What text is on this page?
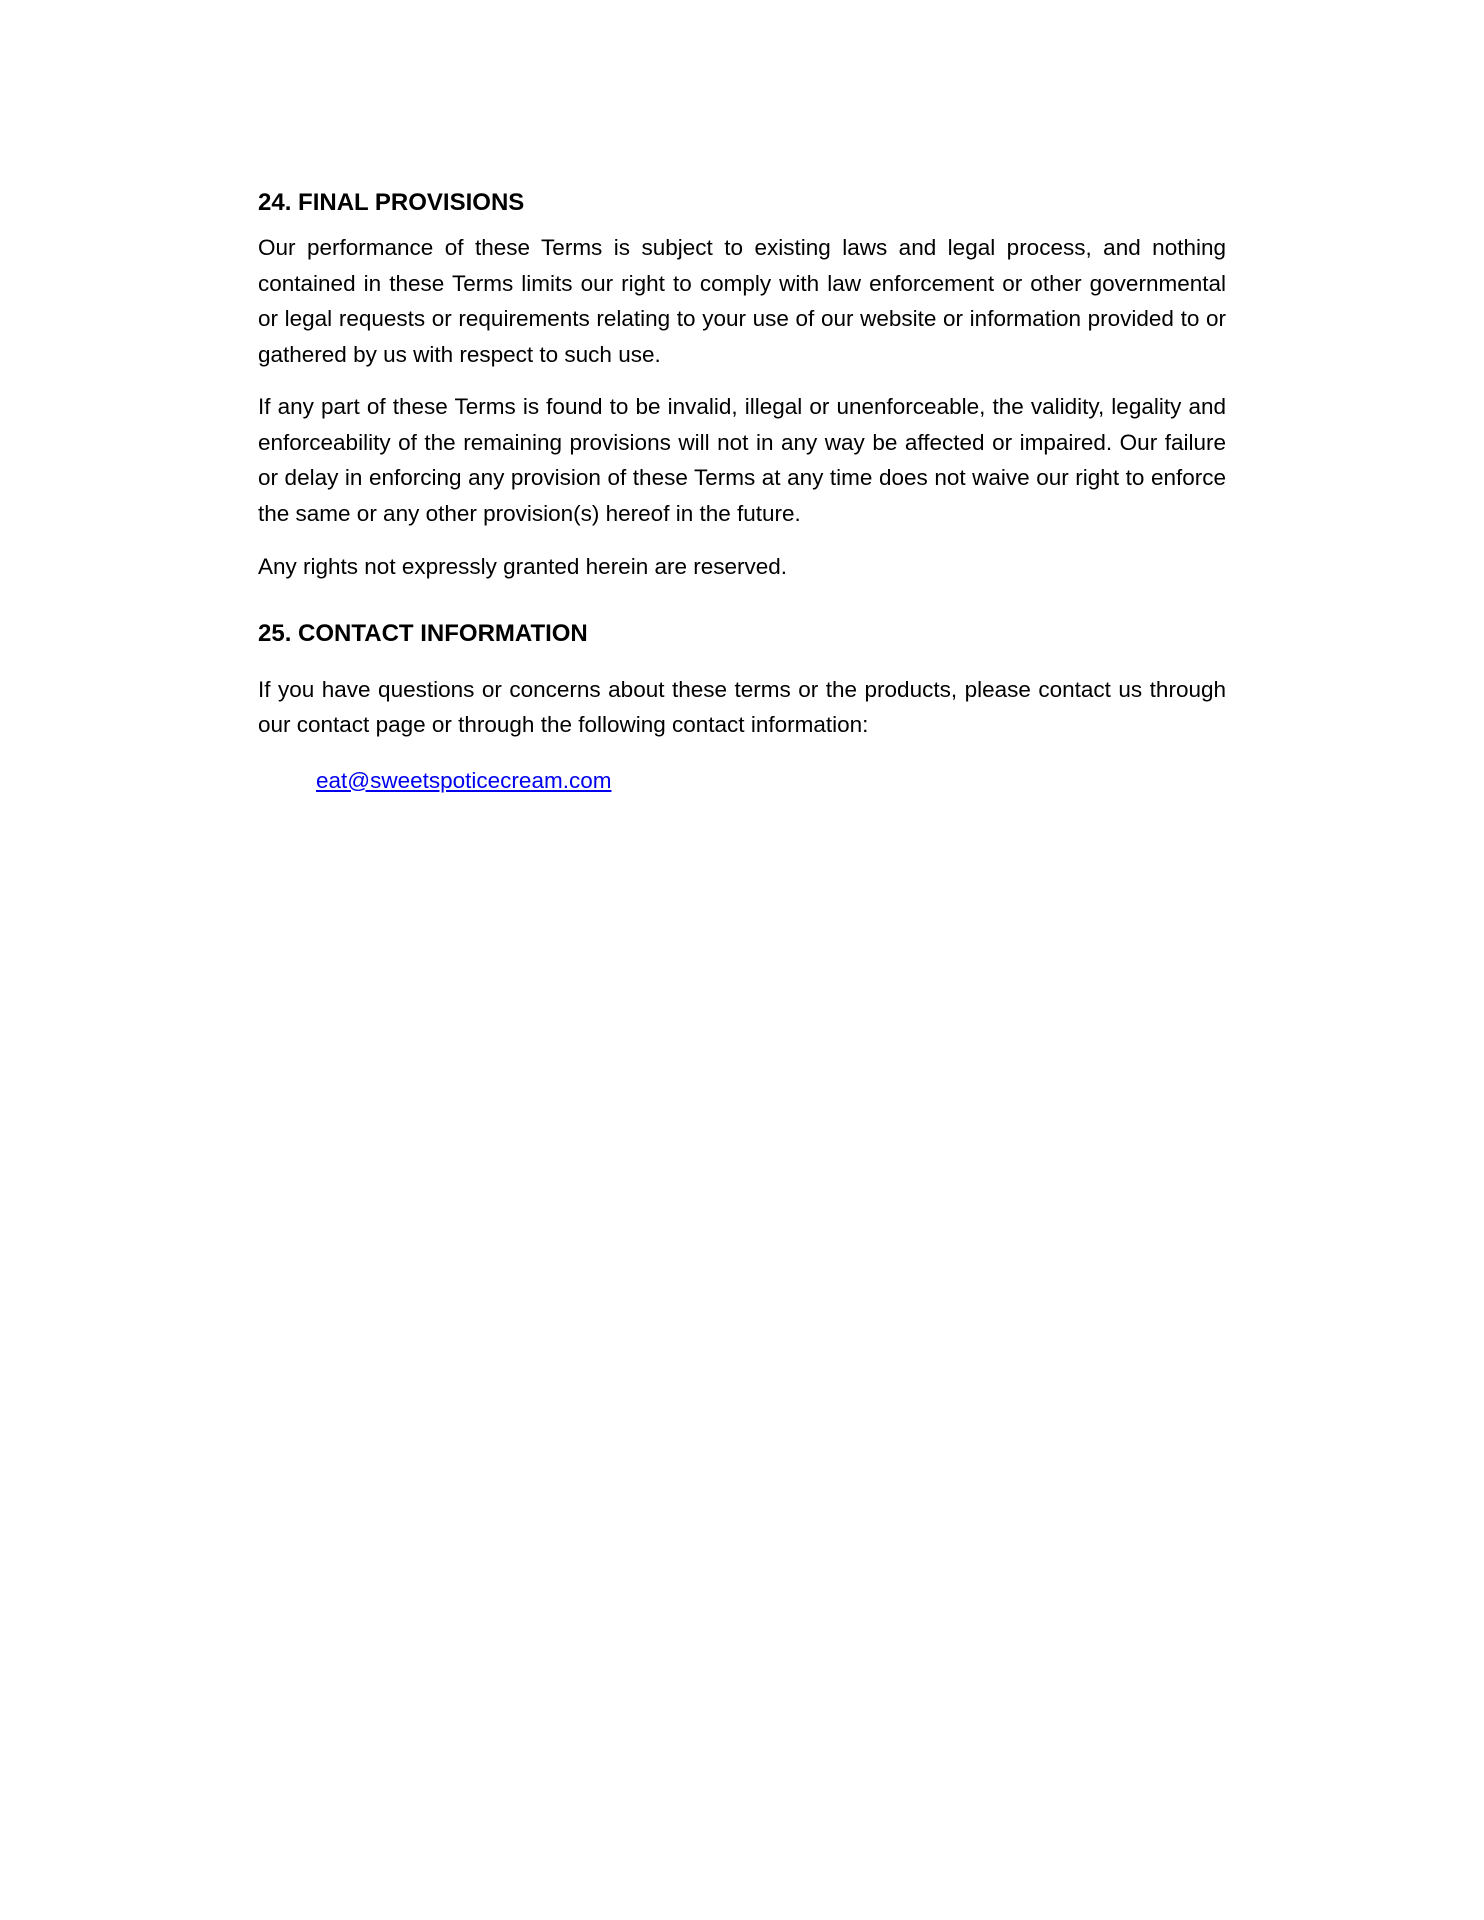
24. FINAL PROVISIONS

Our performance of these Terms is subject to existing laws and legal process, and nothing contained in these Terms limits our right to comply with law enforcement or other governmental or legal requests or requirements relating to your use of our website or information provided to or gathered by us with respect to such use.

If any part of these Terms is found to be invalid, illegal or unenforceable, the validity, legality and enforceability of the remaining provisions will not in any way be affected or impaired. Our failure or delay in enforcing any provision of these Terms at any time does not waive our right to enforce the same or any other provision(s) hereof in the future.

Any rights not expressly granted herein are reserved.

25. CONTACT INFORMATION

If you have questions or concerns about these terms or the products, please contact us through our contact page or through the following contact information:

eat@sweetspoticecream.com
